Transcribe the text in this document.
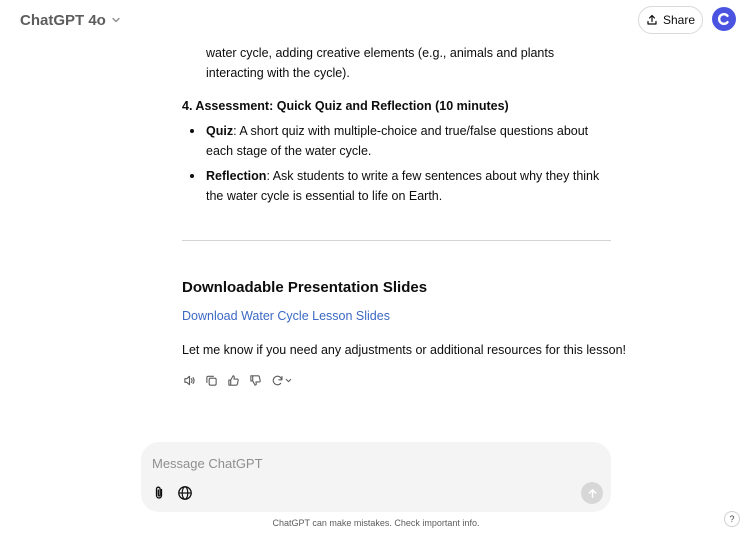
ChatGPT 4o	Share
water cycle, adding creative elements (e.g., animals and plants interacting with the cycle).
4. Assessment: Quick Quiz and Reflection (10 minutes)
Quiz: A short quiz with multiple-choice and true/false questions about each stage of the water cycle.
Reflection: Ask students to write a few sentences about why they think the water cycle is essential to life on Earth.
Downloadable Presentation Slides
Download Water Cycle Lesson Slides
Let me know if you need any adjustments or additional resources for this lesson!
Message ChatGPT
ChatGPT can make mistakes. Check important info.	?
